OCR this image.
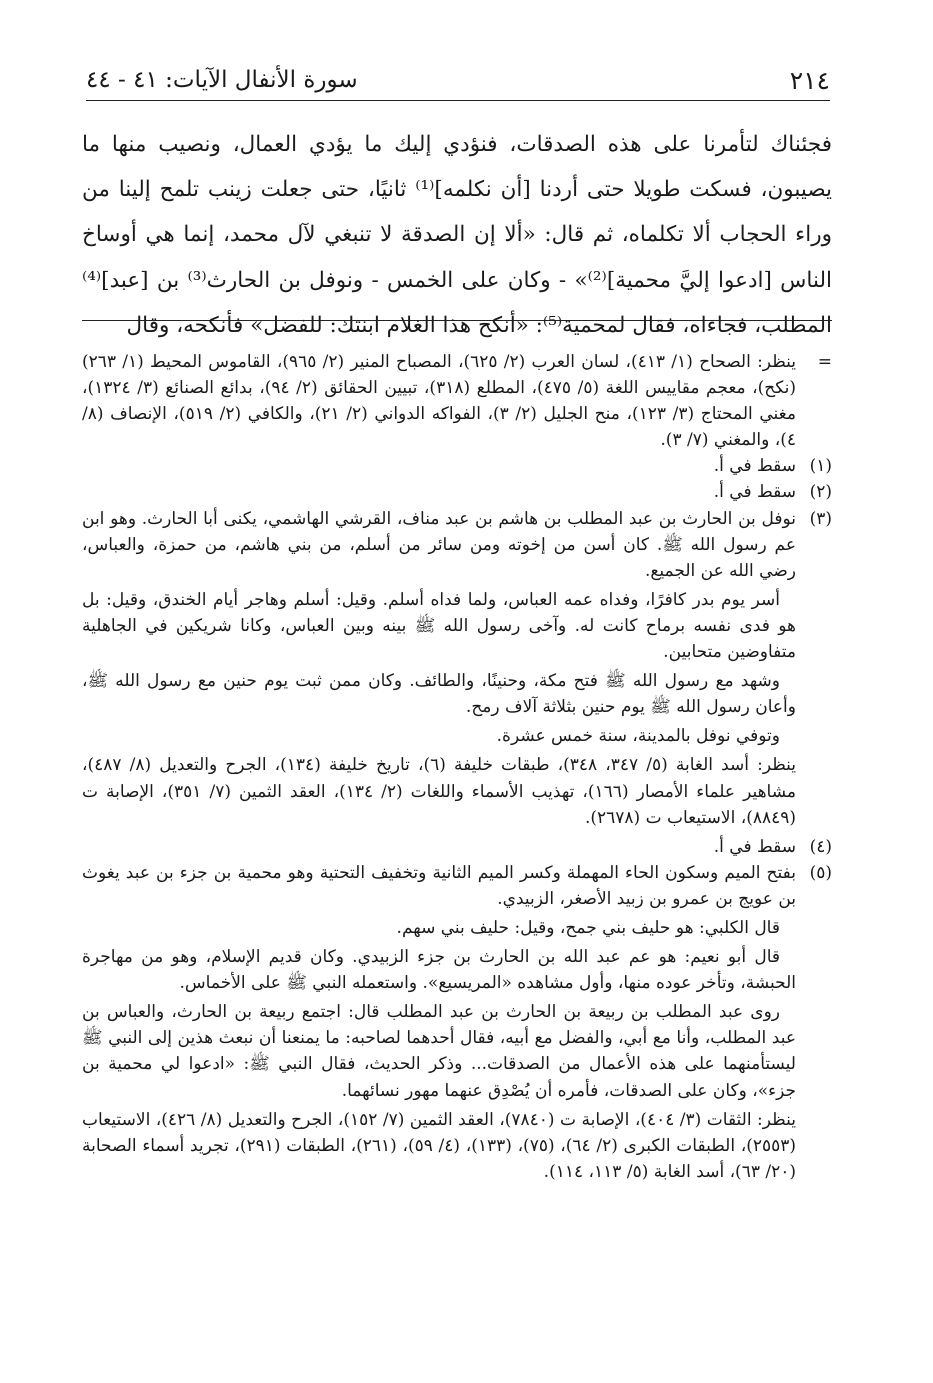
سورة الأنفال الآيات: ٤١ - ٤٤	٢١٤

فجئناك لتأمرنا على هذه الصدقات، فنؤدي إليك ما يؤدي العمال، ونصيب منها ما يصيبون، فسكت طويلا حتى أردنا [أن نكلمه]⁽¹⁾ ثانيًا، حتى جعلت زينب تلمح إلينا من وراء الحجاب ألا تكلماه، ثم قال: «ألا إن الصدقة لا تنبغي لآل محمد، إنما هي أوساخ الناس [ادعوا إليَّ محمية]⁽²⁾» - وكان على الخمس - ونوفل بن الحارث⁽³⁾ بن [عبد]⁽⁴⁾ المطلب، فجاءاه، فقال لمحمية⁽⁵⁾: «أنكح هذا الغلام ابنتك: للفضل» فأنكحه، وقال

=

ينظر: الصحاح (١/ ٤١٣)، لسان العرب (٢/ ٦٢٥)، المصباح المنير (٢/ ٩٦٥)، القاموس المحيط (١/ ٢٦٣) (نكح)، معجم مقاييس اللغة (٥/ ٤٧٥)، المطلع (٣١٨)، تبيين الحقائق (٢/ ٩٤)، بدائع الصنائع (٣/ ١٣٢٤)، مغني المحتاج (٣/ ١٢٣)، منح الجليل (٢/ ٣)، الفواكه الدواني (٢/ ٢١)، والكافي (٢/ ٥١٩)، الإنصاف (٨/ ٤)، والمغني (٧/ ٣).

(١)

سقط في أ.

(٢)

سقط في أ.

(٣)

نوفل بن الحارث بن عبد المطلب بن هاشم بن عبد مناف، القرشي الهاشمي، يكنى أبا الحارث. وهو ابن عم رسول الله ﷺ. كان أسن من إخوته ومن سائر من أسلم، من بني هاشم، من حمزة، والعباس، رضي الله عن الجميع.

أسر يوم بدر كافرًا، وفداه عمه العباس، ولما فداه أسلم. وقيل: أسلم وهاجر أيام الخندق، وقيل: بل هو فدى نفسه برماح كانت له. وآخى رسول الله ﷺ بينه وبين العباس، وكانا شريكين في الجاهلية متفاوضين متحابين.

وشهد مع رسول الله ﷺ فتح مكة، وحنينًا، والطائف. وكان ممن ثبت يوم حنين مع رسول الله ﷺ، وأعان رسول الله ﷺ يوم حنين بثلاثة آلاف رمح.

وتوفي نوفل بالمدينة، سنة خمس عشرة.

ينظر: أسد الغابة (٥/ ٣٤٧، ٣٤٨)، طبقات خليفة (٦)، تاريخ خليفة (١٣٤)، الجرح والتعديل (٨/ ٤٨٧)، مشاهير علماء الأمصار (١٦٦)، تهذيب الأسماء واللغات (٢/ ١٣٤)، العقد الثمين (٧/ ٣٥١)، الإصابة ت (٨٨٤٩)، الاستيعاب ت (٢٦٧٨).

(٤)

سقط في أ.

(٥)

بفتح الميم وسكون الحاء المهملة وكسر الميم الثانية وتخفيف التحتية وهو محمية بن جزء بن عبد يغوث بن عويج بن عمرو بن زبيد الأصغر، الزبيدي.

قال الكلبي: هو حليف بني جمح، وقيل: حليف بني سهم.

قال أبو نعيم: هو عم عبد الله بن الحارث بن جزء الزبيدي. وكان قديم الإسلام، وهو من مهاجرة الحبشة، وتأخر عوده منها، وأول مشاهده «المريسيع». واستعمله النبي ﷺ على الأخماس.

روى عبد المطلب بن ربيعة بن الحارث بن عبد المطلب قال: اجتمع ربيعة بن الحارث، والعباس بن عبد المطلب، وأنا مع أبي، والفضل مع أبيه، فقال أحدهما لصاحبه: ما يمنعنا أن نبعث هذين إلى النبي ﷺ ليستأمنهما على هذه الأعمال من الصدقات... وذكر الحديث، فقال النبي ﷺ: «ادعوا لي محمية بن جزء»، وكان على الصدقات، فأمره أن يُصْدِق عنهما مهور نسائهما.

ينظر: الثقات (٣/ ٤٠٤)، الإصابة ت (٧٨٤٠)، العقد الثمين (٧/ ١٥٢)، الجرح والتعديل (٨/ ٤٢٦)، الاستيعاب (٢٥٥٣)، الطبقات الكبرى (٢/ ٦٤)، (٧٥)، (١٣٣)، (٤/ ٥٩)، (٢٦١)، الطبقات (٢٩١)، تجريد أسماء الصحابة (٢٠/ ٦٣)، أسد الغابة (٥/ ١١٣، ١١٤).
